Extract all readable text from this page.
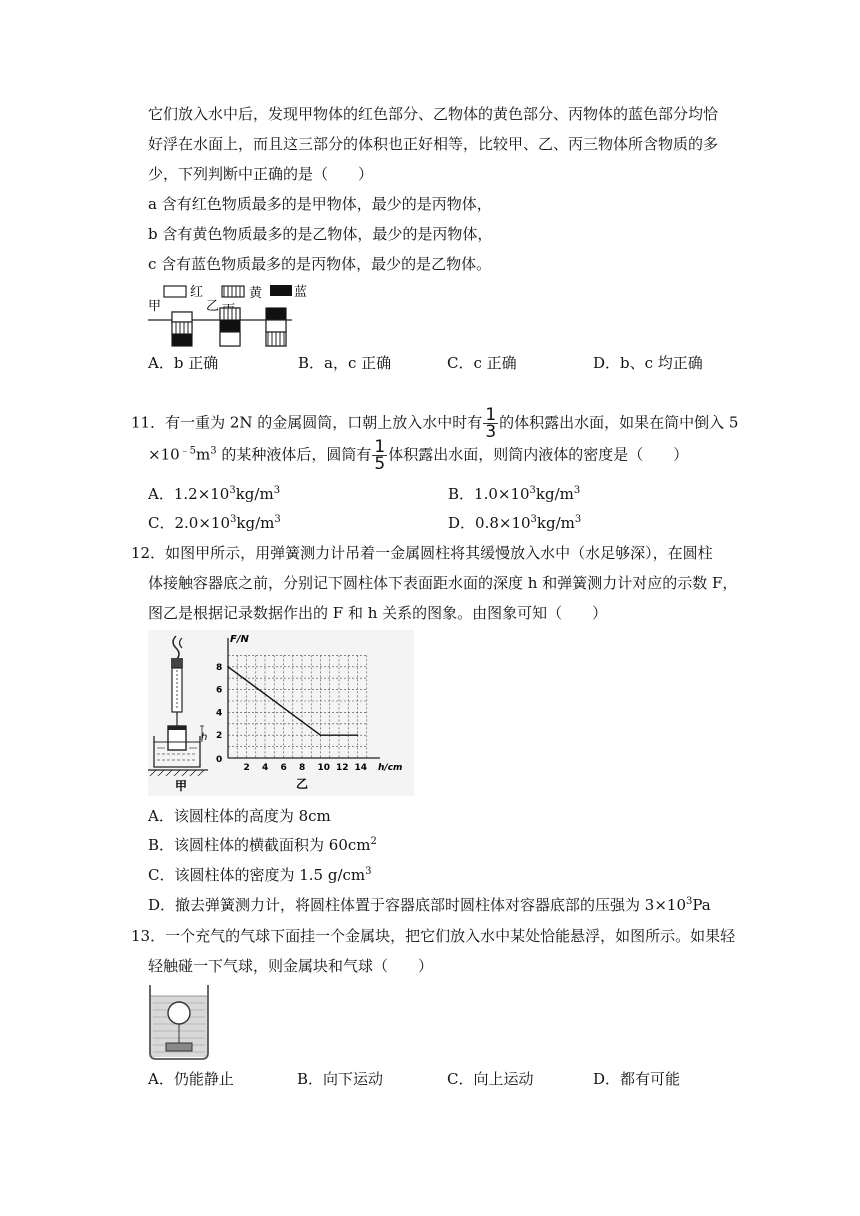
它们放入水中后，发现甲物体的红色部分、乙物体的黄色部分、丙物体的蓝色部分均恰
好浮在水面上，而且这三部分的体积也正好相等，比较甲、乙、丙三物体所含物质的多
少，下列判断中正确的是（　　）
a 含有红色物质最多的是甲物体，最少的是丙物体，
b 含有黄色物质最多的是乙物体，最少的是丙物体，
c 含有蓝色物质最多的是丙物体，最少的是乙物体。
红	黄 蓝
甲	乙
A．b 正确	B．a，c 正确	C．c 正确	D．b、c 均正确
11．有一重为 2N 的金属圆筒，口朝上放入水中时有 $\frac{1}{3}$ 的体积露出水面，如果在筒中倒入 5
$\times 10^{﹣5}m^3$ 的某种液体后，圆筒有 $\frac{1}{5}$ 体积露出水面，则筒内液体的密度是（　　）
A．$1.2\times 10^3kg/m^3$	B．$1.0\times 10^3kg/m^3$
C．$2.0\times 10^3kg/m^3$	D．$0.8\times 10^3kg/m^3$
12．如图甲所示，用弹簧测力计吊着一金属圆柱将其缓慢放入水中（水足够深），在圆柱
体接触容器底之前，分别记下圆柱体下表面距水面的深度 h 和弹簧测力计对应的示数 F，
图乙是根据记录数据作出的 F 和 h 关系的图象。由图象可知（　　）
h
甲
F/N
h/cm
乙
0
2 4 6 8 10 12 14
2
4
6
8
A．该圆柱体的高度为 8cm
B．该圆柱体的横截面积为 $60cm^2$
C．该圆柱体的密度为 1.5 $g/cm^3$
D．撤去弹簧测力计，将圆柱体置于容器底部时圆柱体对容器底部的压强为 $3\times 10^3Pa$
13．一个充气的气球下面挂一个金属块，把它们放入水中某处恰能悬浮，如图所示。如果轻
轻触碰一下气球，则金属块和气球（　　）
A．仍能静止	B．向下运动	C．向上运动	D．都有可能
